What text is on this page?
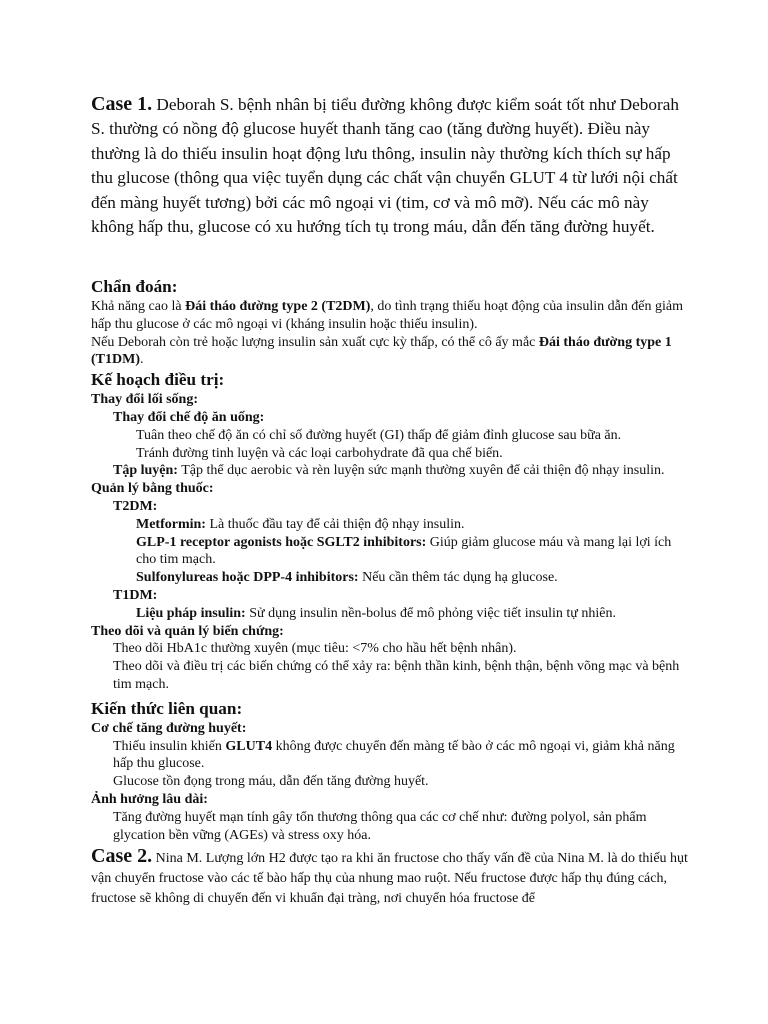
Case 1. Deborah S. bệnh nhân bị tiểu đường không được kiểm soát tốt như Deborah S. thường có nồng độ glucose huyết thanh tăng cao (tăng đường huyết). Điều này thường là do thiếu insulin hoạt động lưu thông, insulin này thường kích thích sự hấp thu glucose (thông qua việc tuyển dụng các chất vận chuyển GLUT 4 từ lưới nội chất đến màng huyết tương) bởi các mô ngoại vi (tim, cơ và mô mỡ). Nếu các mô này không hấp thu, glucose có xu hướng tích tụ trong máu, dẫn đến tăng đường huyết.

Chẩn đoán:

Khả năng cao là Đái tháo đường type 2 (T2DM), do tình trạng thiếu hoạt động của insulin dẫn đến giảm hấp thu glucose ở các mô ngoại vi (kháng insulin hoặc thiếu insulin).

Nếu Deborah còn trẻ hoặc lượng insulin sản xuất cực kỳ thấp, có thể cô ấy mắc Đái tháo đường type 1 (T1DM).

Kế hoạch điều trị:

Thay đổi lối sống:

Thay đổi chế độ ăn uống:

Tuân theo chế độ ăn có chỉ số đường huyết (GI) thấp để giảm đỉnh glucose sau bữa ăn.

Tránh đường tinh luyện và các loại carbohydrate đã qua chế biến.

Tập luyện: Tập thể dục aerobic và rèn luyện sức mạnh thường xuyên để cải thiện độ nhạy insulin.

Quản lý bằng thuốc:

T2DM:

Metformin: Là thuốc đầu tay để cải thiện độ nhạy insulin.

GLP-1 receptor agonists hoặc SGLT2 inhibitors: Giúp giảm glucose máu và mang lại lợi ích cho tim mạch.

Sulfonylureas hoặc DPP-4 inhibitors: Nếu cần thêm tác dụng hạ glucose.

T1DM:

Liệu pháp insulin: Sử dụng insulin nền-bolus để mô phỏng việc tiết insulin tự nhiên.

Theo dõi và quản lý biến chứng:

Theo dõi HbA1c thường xuyên (mục tiêu: <7% cho hầu hết bệnh nhân).

Theo dõi và điều trị các biến chứng có thể xảy ra: bệnh thần kinh, bệnh thận, bệnh võng mạc và bệnh tim mạch.

Kiến thức liên quan:

Cơ chế tăng đường huyết:

Thiếu insulin khiến GLUT4 không được chuyển đến màng tế bào ở các mô ngoại vi, giảm khả năng hấp thu glucose.

Glucose tồn đọng trong máu, dẫn đến tăng đường huyết.

Ảnh hưởng lâu dài:

Tăng đường huyết mạn tính gây tổn thương thông qua các cơ chế như: đường polyol, sản phẩm glycation bền vững (AGEs) và stress oxy hóa.

Case 2. Nina M. Lượng lớn H2 được tạo ra khi ăn fructose cho thấy vấn đề của Nina M. là do thiếu hụt vận chuyển fructose vào các tế bào hấp thụ của nhung mao ruột. Nếu fructose được hấp thụ đúng cách, fructose sẽ không di chuyển đến vi khuẩn đại tràng, nơi chuyển hóa fructose để
